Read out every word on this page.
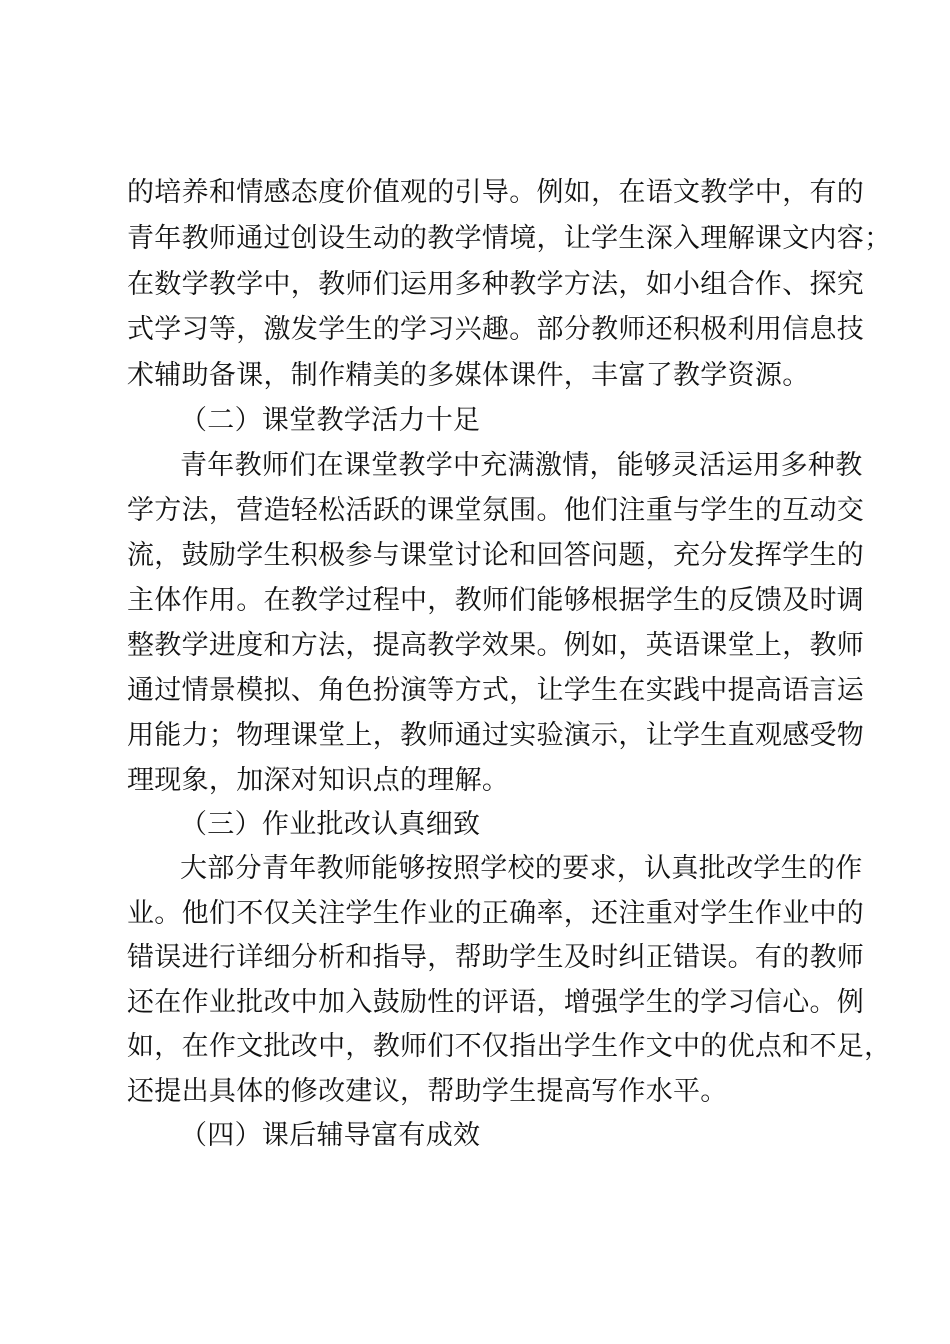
的培养和情感态度价值观的引导。例如，在语文教学中，有的
青年教师通过创设生动的教学情境，让学生深入理解课文内容；
在数学教学中，教师们运用多种教学方法，如小组合作、探究
式学习等，激发学生的学习兴趣。部分教师还积极利用信息技
术辅助备课，制作精美的多媒体课件，丰富了教学资源。
（二）课堂教学活力十足
青年教师们在课堂教学中充满激情，能够灵活运用多种教
学方法，营造轻松活跃的课堂氛围。他们注重与学生的互动交
流，鼓励学生积极参与课堂讨论和回答问题，充分发挥学生的
主体作用。在教学过程中，教师们能够根据学生的反馈及时调
整教学进度和方法，提高教学效果。例如，英语课堂上，教师
通过情景模拟、角色扮演等方式，让学生在实践中提高语言运
用能力；物理课堂上，教师通过实验演示，让学生直观感受物
理现象，加深对知识点的理解。
（三）作业批改认真细致
大部分青年教师能够按照学校的要求，认真批改学生的作
业。他们不仅关注学生作业的正确率，还注重对学生作业中的
错误进行详细分析和指导，帮助学生及时纠正错误。有的教师
还在作业批改中加入鼓励性的评语，增强学生的学习信心。例
如，在作文批改中，教师们不仅指出学生作文中的优点和不足，
还提出具体的修改建议，帮助学生提高写作水平。
（四）课后辅导富有成效
